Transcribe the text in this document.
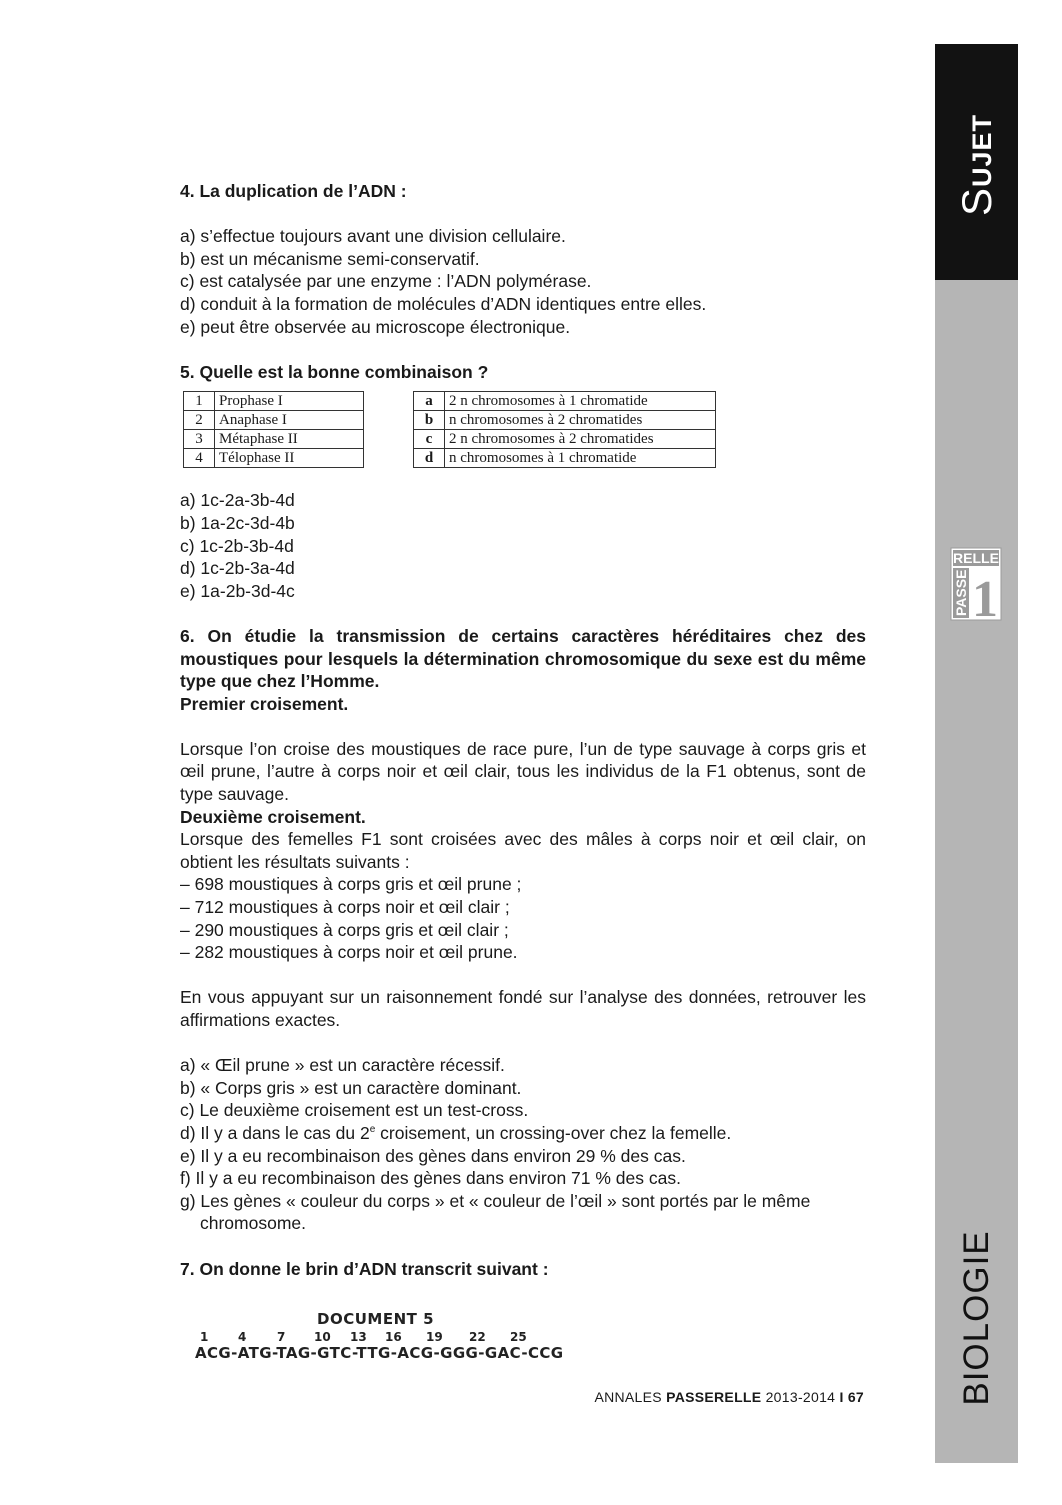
SUJET
BIOLOGIE
RELLE
PASSE 1

4. La duplication de l’ADN :

a) s’effectue toujours avant une division cellulaire.

b) est un mécanisme semi-conservatif.

c) est catalysée par une enzyme : l’ADN polymérase.

d) conduit à la formation de molécules d’ADN identiques entre elles.

e) peut être observée au microscope électronique.

5. Quelle est la bonne combinaison ?

1	Prophase I
2	Anaphase I
3	Métaphase II
4	Télophase II
a	2 n chromosomes à 1 chromatide
b	n chromosomes à 2 chromatides
c	2 n chromosomes à 2 chromatides
d	n chromosomes à 1 chromatide

a) 1c-2a-3b-4d

b) 1a-2c-3d-4b

c) 1c-2b-3b-4d

d) 1c-2b-3a-4d

e) 1a-2b-3d-4c

6. On étudie la transmission de certains caractères héréditaires chez des moustiques pour lesquels la détermination chromosomique du sexe est du même type que chez l’Homme.

Premier croisement.

Lorsque l’on croise des moustiques de race pure, l’un de type sauvage à corps gris et œil prune, l’autre à corps noir et œil clair, tous les individus de la F1 obtenus, sont de type sauvage.

Deuxième croisement.

Lorsque des femelles F1 sont croisées avec des mâles à corps noir et œil clair, on obtient les résultats suivants :

– 698 moustiques à corps gris et œil prune ;

– 712 moustiques à corps noir et œil clair ;

– 290 moustiques à corps gris et œil clair ;

– 282 moustiques à corps noir et œil prune.

En vous appuyant sur un raisonnement fondé sur l’analyse des données, retrouver les affirmations exactes.

a) « Œil prune » est un caractère récessif.

b) « Corps gris » est un caractère dominant.

c) Le deuxième croisement est un test-cross.

d) Il y a dans le cas du 2e croisement, un crossing-over chez la femelle.

e) Il y a eu recombinaison des gènes dans environ 29 % des cas.

f) Il y a eu recombinaison des gènes dans environ 71 % des cas.

g) Les gènes « couleur du corps » et « couleur de l’œil » sont portés par le même

chromosome.

7. On donne le brin d’ADN transcrit suivant :

DOCUMENT 5
1 4	7 10 13 16 19 22 25
ACG-ATG-TAG-GTC-TTG-ACG-GGG-GAC-CCG
ANNALES PASSERELLE 2013-2014 I 67
